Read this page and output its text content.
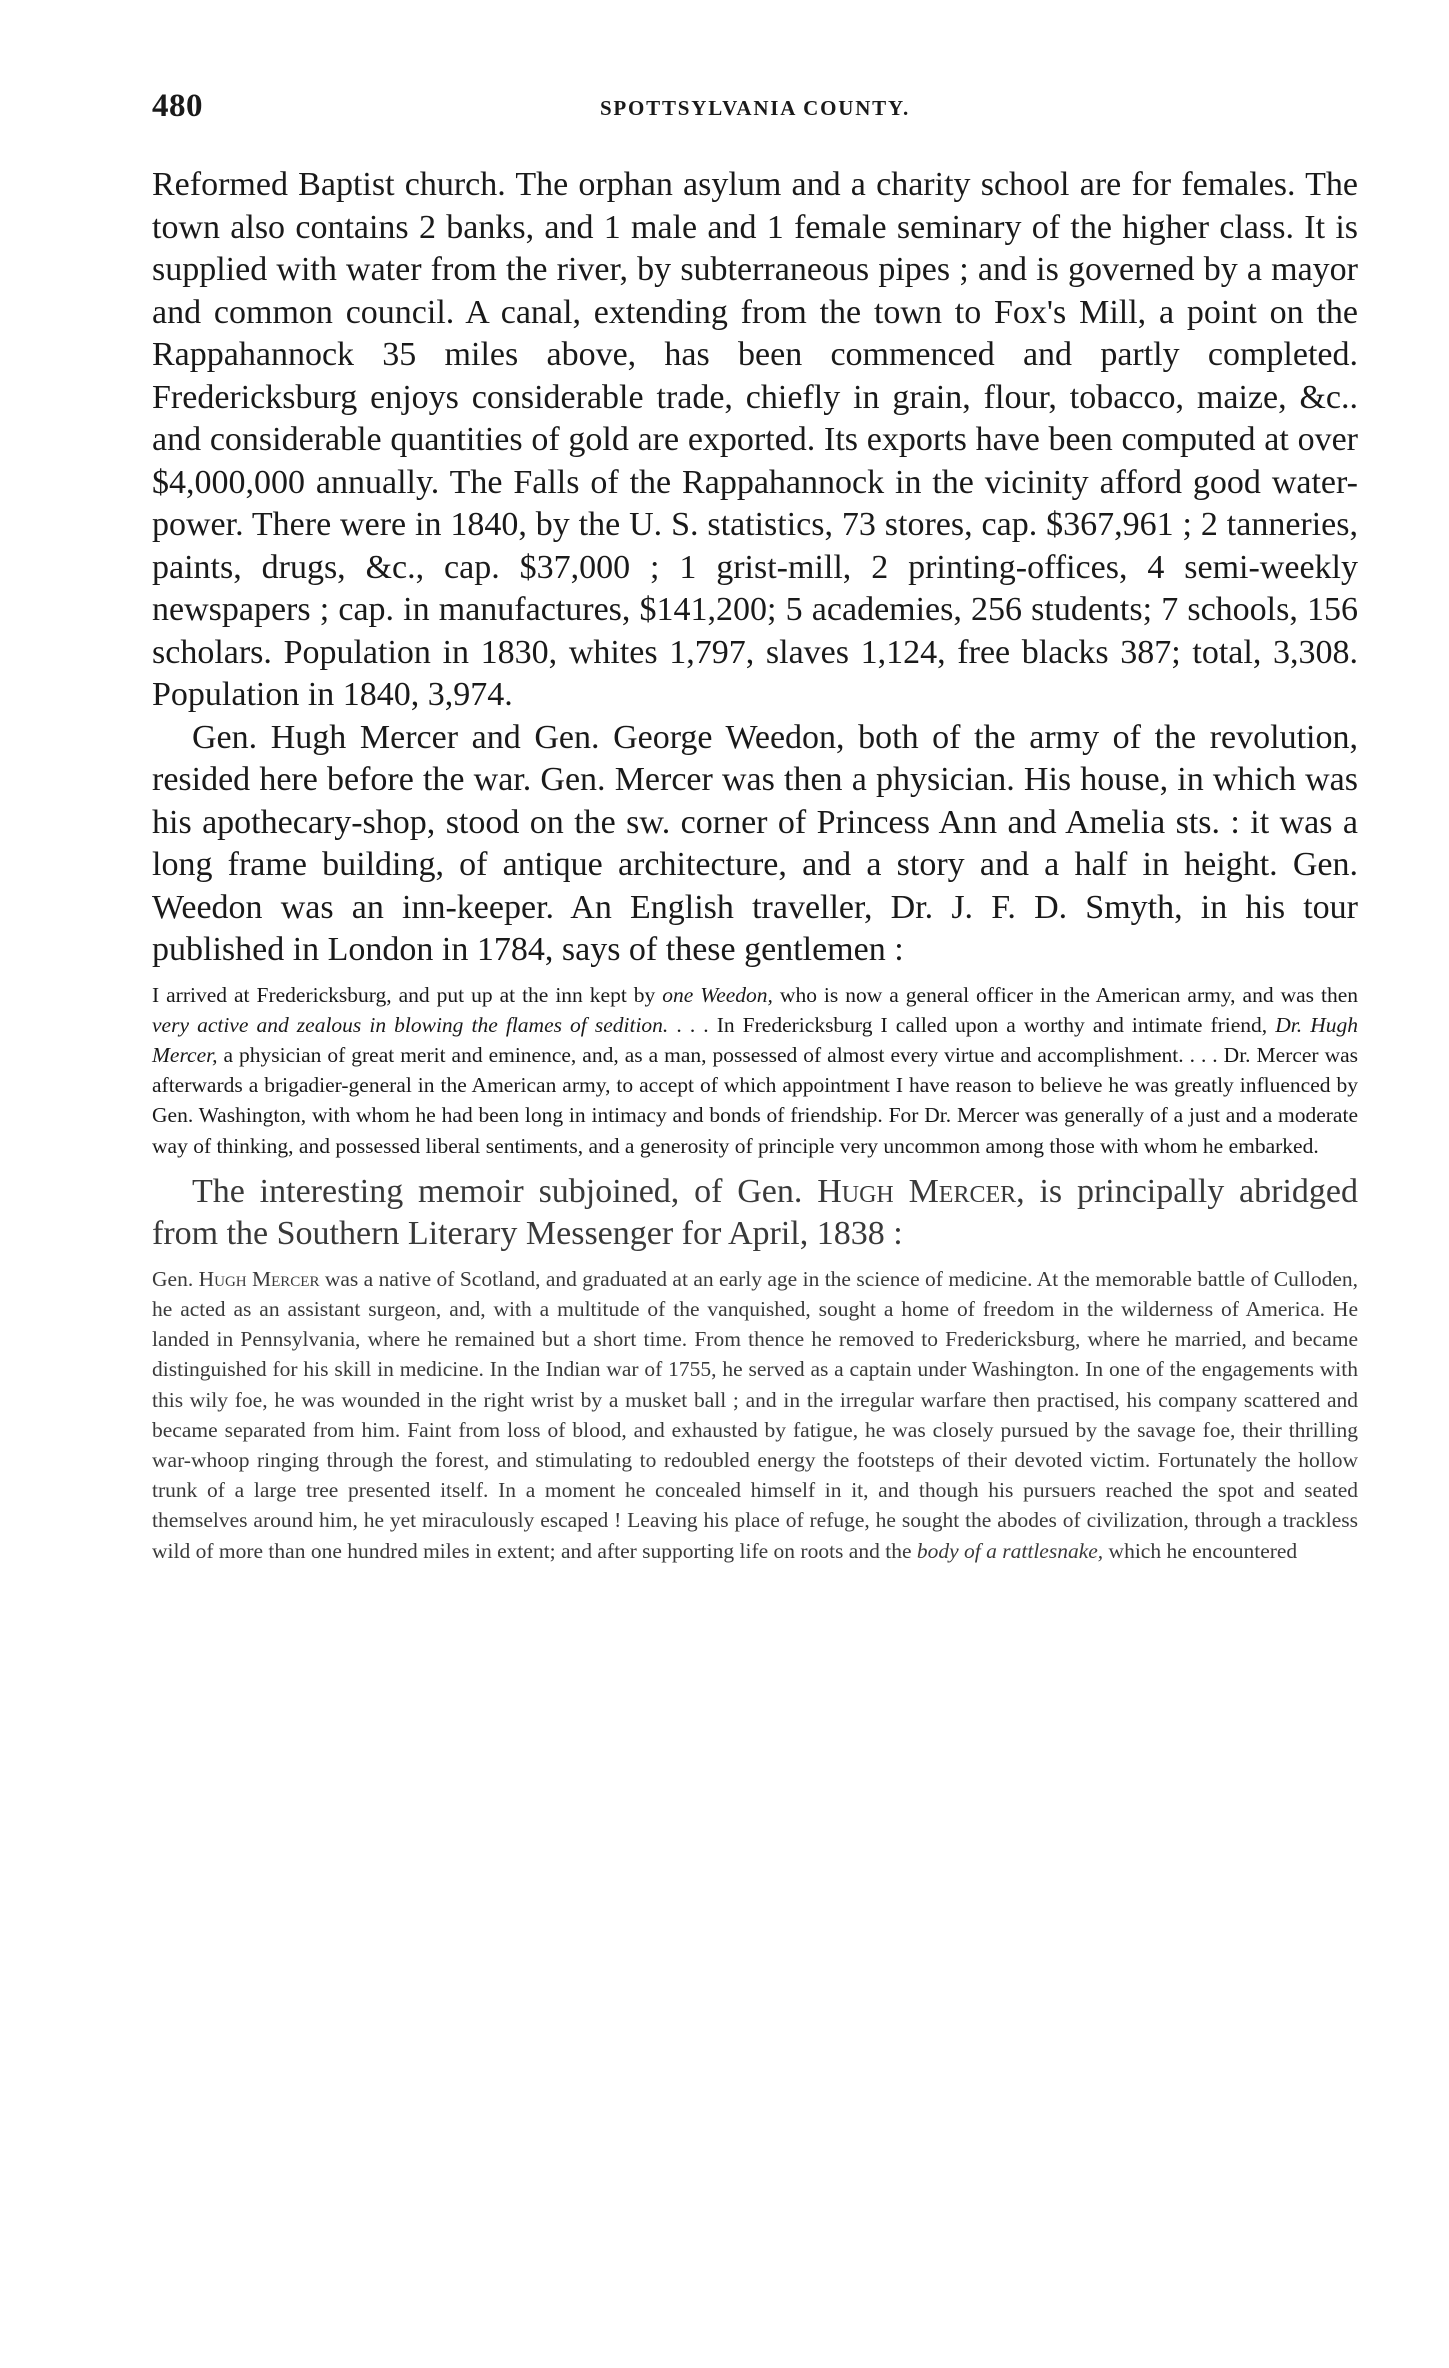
480	SPOTTSYLVANIA COUNTY.

Reformed Baptist church. The orphan asylum and a charity school are for females. The town also contains 2 banks, and 1 male and 1 female seminary of the higher class. It is supplied with water from the river, by subterraneous pipes ; and is governed by a mayor and common council. A canal, extending from the town to Fox's Mill, a point on the Rappahannock 35 miles above, has been commenced and partly completed. Fredericksburg enjoys considerable trade, chiefly in grain, flour, tobacco, maize, &c.. and considerable quantities of gold are exported. Its exports have been computed at over $4,000,000 annually. The Falls of the Rappahannock in the vicinity afford good water-power. There were in 1840, by the U. S. statistics, 73 stores, cap. $367,961 ; 2 tanneries, paints, drugs, &c., cap. $37,000 ; 1 grist-mill, 2 printing-offices, 4 semi-weekly newspapers ; cap. in manufactures, $141,200; 5 academies, 256 students; 7 schools, 156 scholars. Population in 1830, whites 1,797, slaves 1,124, free blacks 387; total, 3,308. Population in 1840, 3,974.

Gen. Hugh Mercer and Gen. George Weedon, both of the army of the revolution, resided here before the war. Gen. Mercer was then a physician. His house, in which was his apothecary-shop, stood on the sw. corner of Princess Ann and Amelia sts. : it was a long frame building, of antique architecture, and a story and a half in height. Gen. Weedon was an inn-keeper. An English traveller, Dr. J. F. D. Smyth, in his tour published in London in 1784, says of these gentlemen :

I arrived at Fredericksburg, and put up at the inn kept by one Weedon, who is now a general officer in the American army, and was then very active and zealous in blowing the flames of sedition. . . . In Fredericksburg I called upon a worthy and intimate friend, Dr. Hugh Mercer, a physician of great merit and eminence, and, as a man, possessed of almost every virtue and accomplishment. . . . Dr. Mercer was afterwards a brigadier-general in the American army, to accept of which appointment I have reason to believe he was greatly influenced by Gen. Washington, with whom he had been long in intimacy and bonds of friendship. For Dr. Mercer was generally of a just and a moderate way of thinking, and possessed liberal sentiments, and a generosity of principle very uncommon among those with whom he embarked.

The interesting memoir subjoined, of Gen. Hugh Mercer, is principally abridged from the Southern Literary Messenger for April, 1838 :

Gen. Hugh Mercer was a native of Scotland, and graduated at an early age in the science of medicine. At the memorable battle of Culloden, he acted as an assistant surgeon, and, with a multitude of the vanquished, sought a home of freedom in the wilderness of America. He landed in Pennsylvania, where he remained but a short time. From thence he removed to Fredericksburg, where he married, and became distinguished for his skill in medicine. In the Indian war of 1755, he served as a captain under Washington. In one of the engagements with this wily foe, he was wounded in the right wrist by a musket ball ; and in the irregular warfare then practised, his company scattered and became separated from him. Faint from loss of blood, and exhausted by fatigue, he was closely pursued by the savage foe, their thrilling war-whoop ringing through the forest, and stimulating to redoubled energy the footsteps of their devoted victim. Fortunately the hollow trunk of a large tree presented itself. In a moment he concealed himself in it, and though his pursuers reached the spot and seated themselves around him, he yet miraculously escaped ! Leaving his place of refuge, he sought the abodes of civilization, through a trackless wild of more than one hundred miles in extent; and after supporting life on roots and the body of a rattlesnake, which he encountered
